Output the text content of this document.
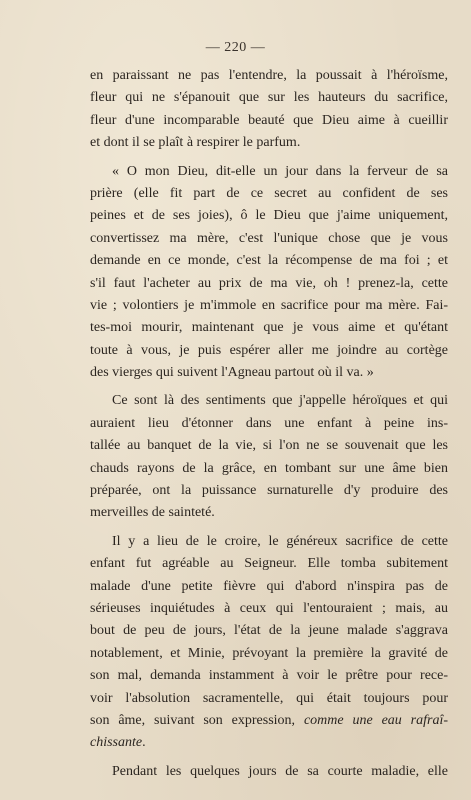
— 220 —
en paraissant ne pas l'entendre, la poussait à l'héroïsme,
fleur qui ne s'épanouit que sur les hauteurs du sacrifice,
fleur d'une incomparable beauté que Dieu aime à cueillir
et dont il se plaît à respirer le parfum.
« O mon Dieu, dit-elle un jour dans la ferveur de sa
prière (elle fit part de ce secret au confident de ses
peines et de ses joies), ô le Dieu que j'aime uniquement,
convertissez ma mère, c'est l'unique chose que je vous
demande en ce monde, c'est la récompense de ma foi ; et
s'il faut l'acheter au prix de ma vie, oh ! prenez-la, cette
vie ; volontiers je m'immole en sacrifice pour ma mère. Fai-
tes-moi mourir, maintenant que je vous aime et qu'étant
toute à vous, je puis espérer aller me joindre au cortège
des vierges qui suivent l'Agneau partout où il va. »
Ce sont là des sentiments que j'appelle héroïques et qui
auraient lieu d'étonner dans une enfant à peine ins-
tallée au banquet de la vie, si l'on ne se souvenait que les
chauds rayons de la grâce, en tombant sur une âme bien
préparée, ont la puissance surnaturelle d'y produire des
merveilles de sainteté.
Il y a lieu de le croire, le généreux sacrifice de cette
enfant fut agréable au Seigneur. Elle tomba subitement
malade d'une petite fièvre qui d'abord n'inspira pas de
sérieuses inquiétudes à ceux qui l'entouraient ; mais, au
bout de peu de jours, l'état de la jeune malade s'aggrava
notablement, et Minie, prévoyant la première la gravité de
son mal, demanda instamment à voir le prêtre pour rece-
voir l'absolution sacramentelle, qui était toujours pour
son âme, suivant son expression, comme une eau rafraî-
chissante.
Pendant les quelques jours de sa courte maladie, elle
